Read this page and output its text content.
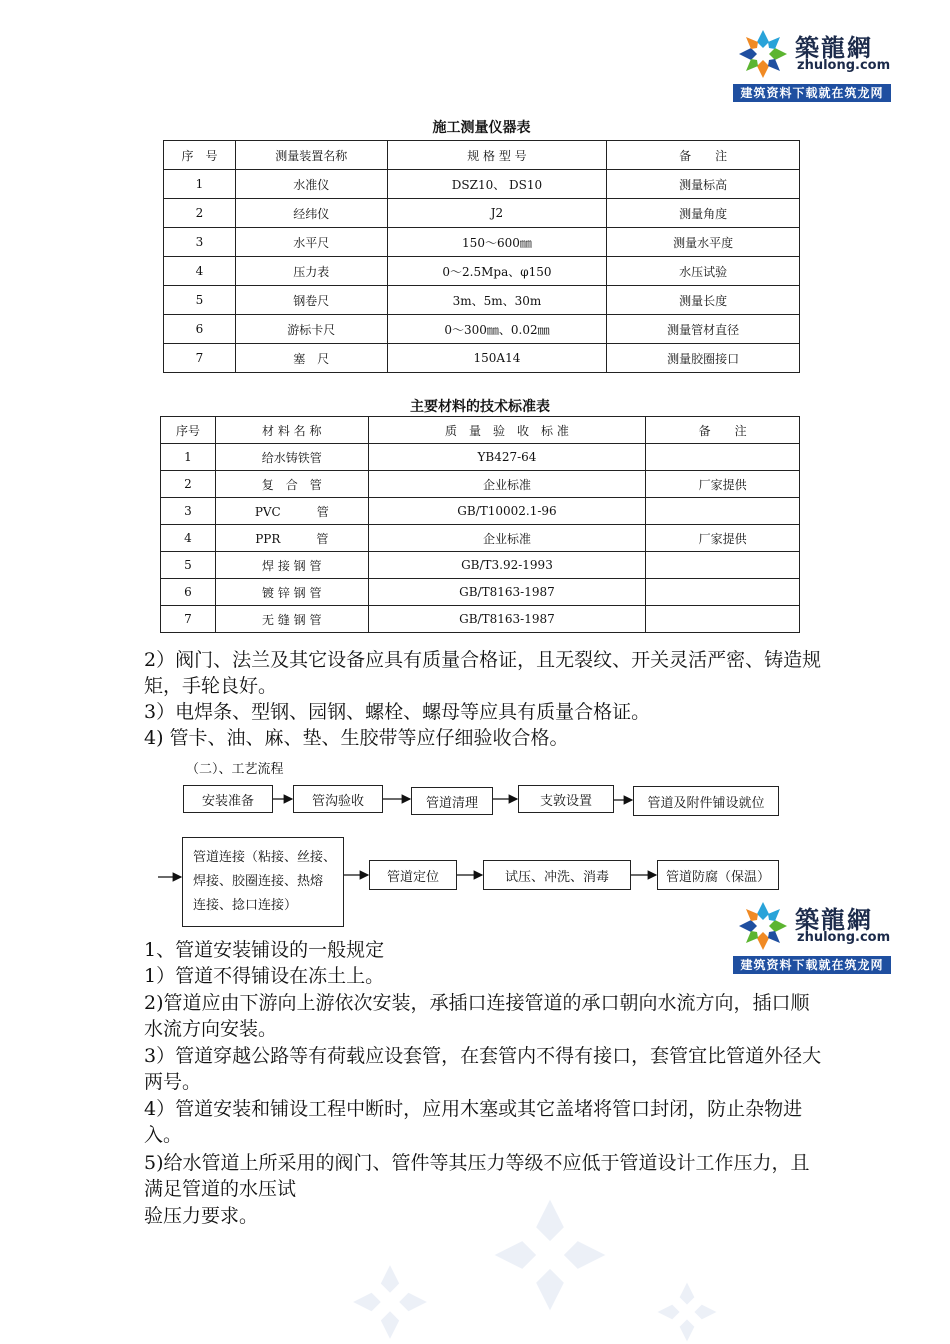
築龍網
zhulong.com
建筑资料下载就在筑龙网
施工测量仪器表
序　号	测量装置名称	规 格 型 号	备　　注
1	水准仪	DSZ10、 DS10	测量标高
2	经纬仪	J2	测量角度
3	水平尺	150～600㎜	测量水平度
4	压力表	0～2.5Mpa、φ150	水压试验
5	钢卷尺	3m、5m、30m	测量长度
6	游标卡尺	0～300㎜、0.02㎜	测量管材直径
7	塞　尺	150A14	测量胶圈接口
主要材料的技术标准表
序号	材 料 名 称	质　量　验　收　标 准	备　　注
1	给水铸铁管	YB427-64	
2	复　合　管	企业标准	厂家提供
3	PVC　　　管	GB/T10002.1-96	
4	PPR　　　管	企业标准	厂家提供
5	焊 接 钢 管	GB/T3.92-1993	
6	镀 锌 钢 管	GB/T8163-1987	
7	无 缝 钢 管	GB/T8163-1987	
2）阀门、法兰及其它设备应具有质量合格证，且无裂纹、开关灵活严密、铸造规矩，手轮良好。
3）电焊条、型钢、园钢、螺栓、螺母等应具有质量合格证。
4) 管卡、油、麻、垫、生胶带等应仔细验收合格。
（二）、工艺流程
安装准备	管沟验收	管道清理	支敦设置	管道及附件铺设就位
管道连接（粘接、丝接、
焊接、胶圈连接、热熔
连接、捻口连接）
管道定位	试压、冲洗、消毒	管道防腐（保温）
築龍網
zhulong.com
建筑资料下载就在筑龙网
1、管道安装铺设的一般规定
1）管道不得铺设在冻土上。
2)管道应由下游向上游依次安装，承插口连接管道的承口朝向水流方向，插口顺水流方向安装。
3）管道穿越公路等有荷载应设套管，在套管内不得有接口，套管宜比管道外径大两号。
4）管道安装和铺设工程中断时，应用木塞或其它盖堵将管口封闭，防止杂物进入。
5)给水管道上所采用的阀门、管件等其压力等级不应低于管道设计工作压力，且满足管道的水压试
验压力要求。
